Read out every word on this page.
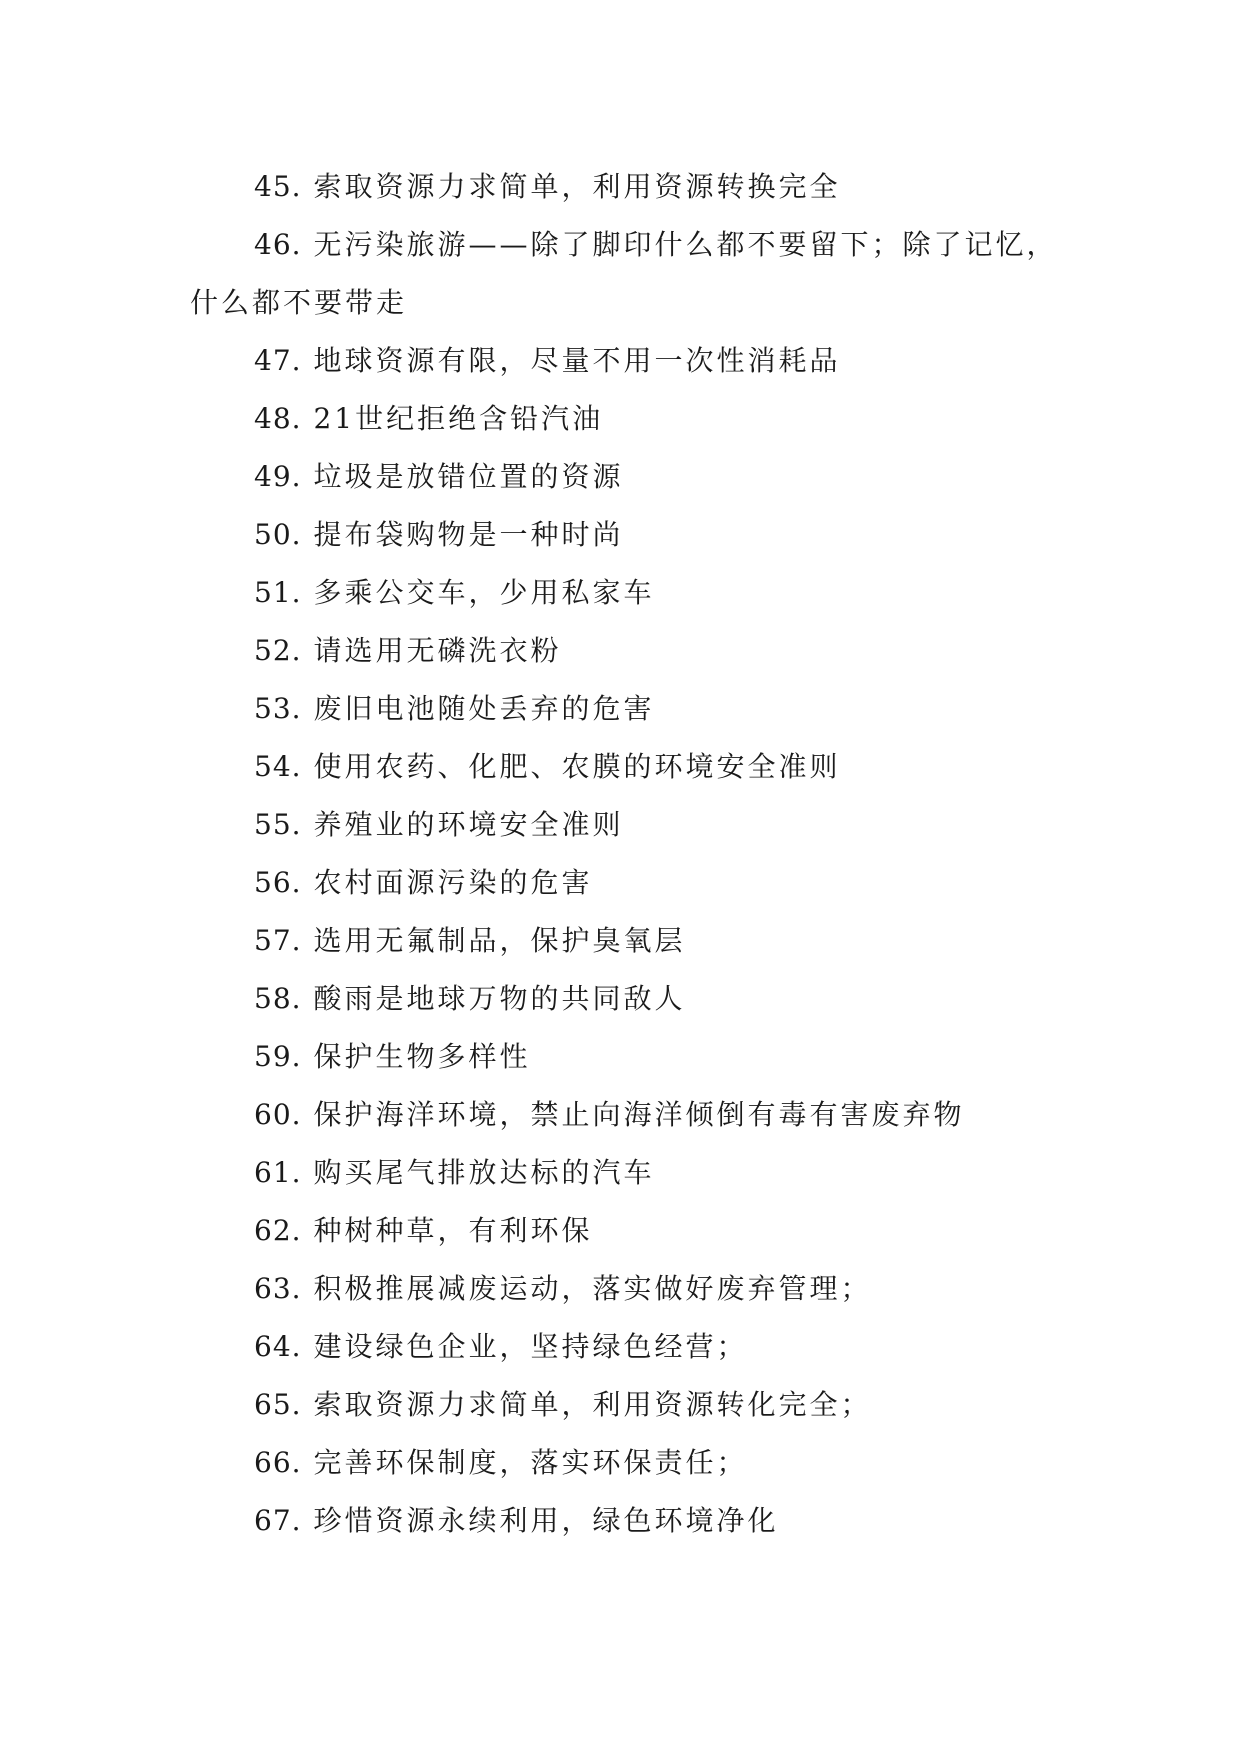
45. 索取资源力求简单，利用资源转换完全
46. 无污染旅游——除了脚印什么都不要留下；除了记忆，什么都不要带走
47. 地球资源有限，尽量不用一次性消耗品
48. 21世纪拒绝含铅汽油
49. 垃圾是放错位置的资源
50. 提布袋购物是一种时尚
51. 多乘公交车，少用私家车
52. 请选用无磷洗衣粉
53. 废旧电池随处丢弃的危害
54. 使用农药、化肥、农膜的环境安全准则
55. 养殖业的环境安全准则
56. 农村面源污染的危害
57. 选用无氟制品，保护臭氧层
58. 酸雨是地球万物的共同敌人
59. 保护生物多样性
60. 保护海洋环境，禁止向海洋倾倒有毒有害废弃物
61. 购买尾气排放达标的汽车
62. 种树种草，有利环保
63. 积极推展减废运动，落实做好废弃管理；
64. 建设绿色企业，坚持绿色经营；
65. 索取资源力求简单，利用资源转化完全；
66. 完善环保制度，落实环保责任；
67. 珍惜资源永续利用，绿色环境净化
